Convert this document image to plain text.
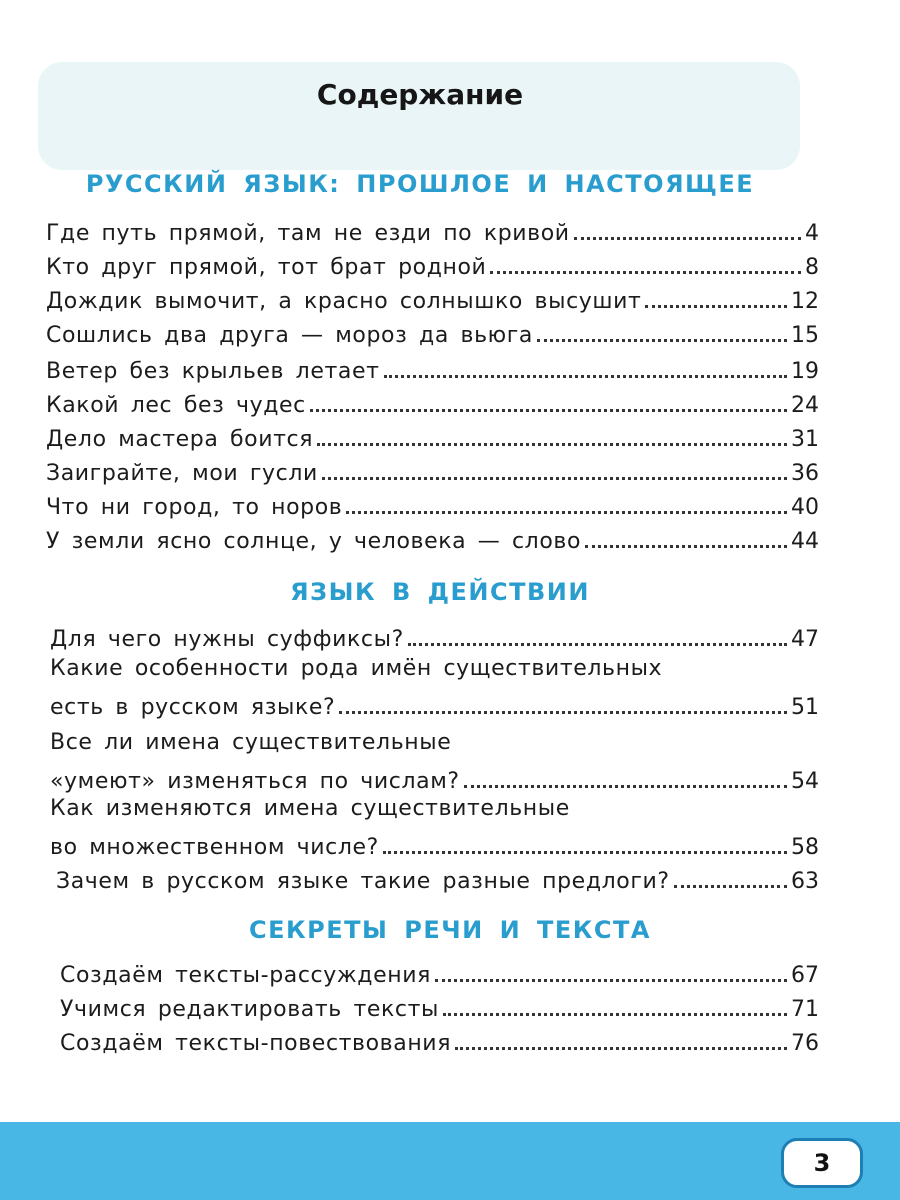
Содержание
РУССКИЙ ЯЗЫК: ПРОШЛОЕ И НАСТОЯЩЕЕ
Где путь прямой, там не езди по кривой	4
Кто друг прямой, тот брат родной	8
Дождик вымочит, а красно солнышко высушит	12
Сошлись два друга — мороз да вьюга	15
Ветер без крыльев летает	19
Какой лес без чудес	24
Дело мастера боится	31
Заиграйте, мои гусли	36
Что ни город, то норов	40
У земли ясно солнце, у человека — слово	44
ЯЗЫК В ДЕЙСТВИИ
Для чего нужны суффиксы?	47
Какие особенности рода имён существительных
есть в русском языке?	51
Все ли имена существительные
«умеют» изменяться по числам?	54
Как изменяются имена существительные
во множественном числе?	58
Зачем в русском языке такие разные предлоги?	63
СЕКРЕТЫ РЕЧИ И ТЕКСТА
Создаём тексты-рассуждения	67
Учимся редактировать тексты	71
Создаём тексты-повествования	76
3
